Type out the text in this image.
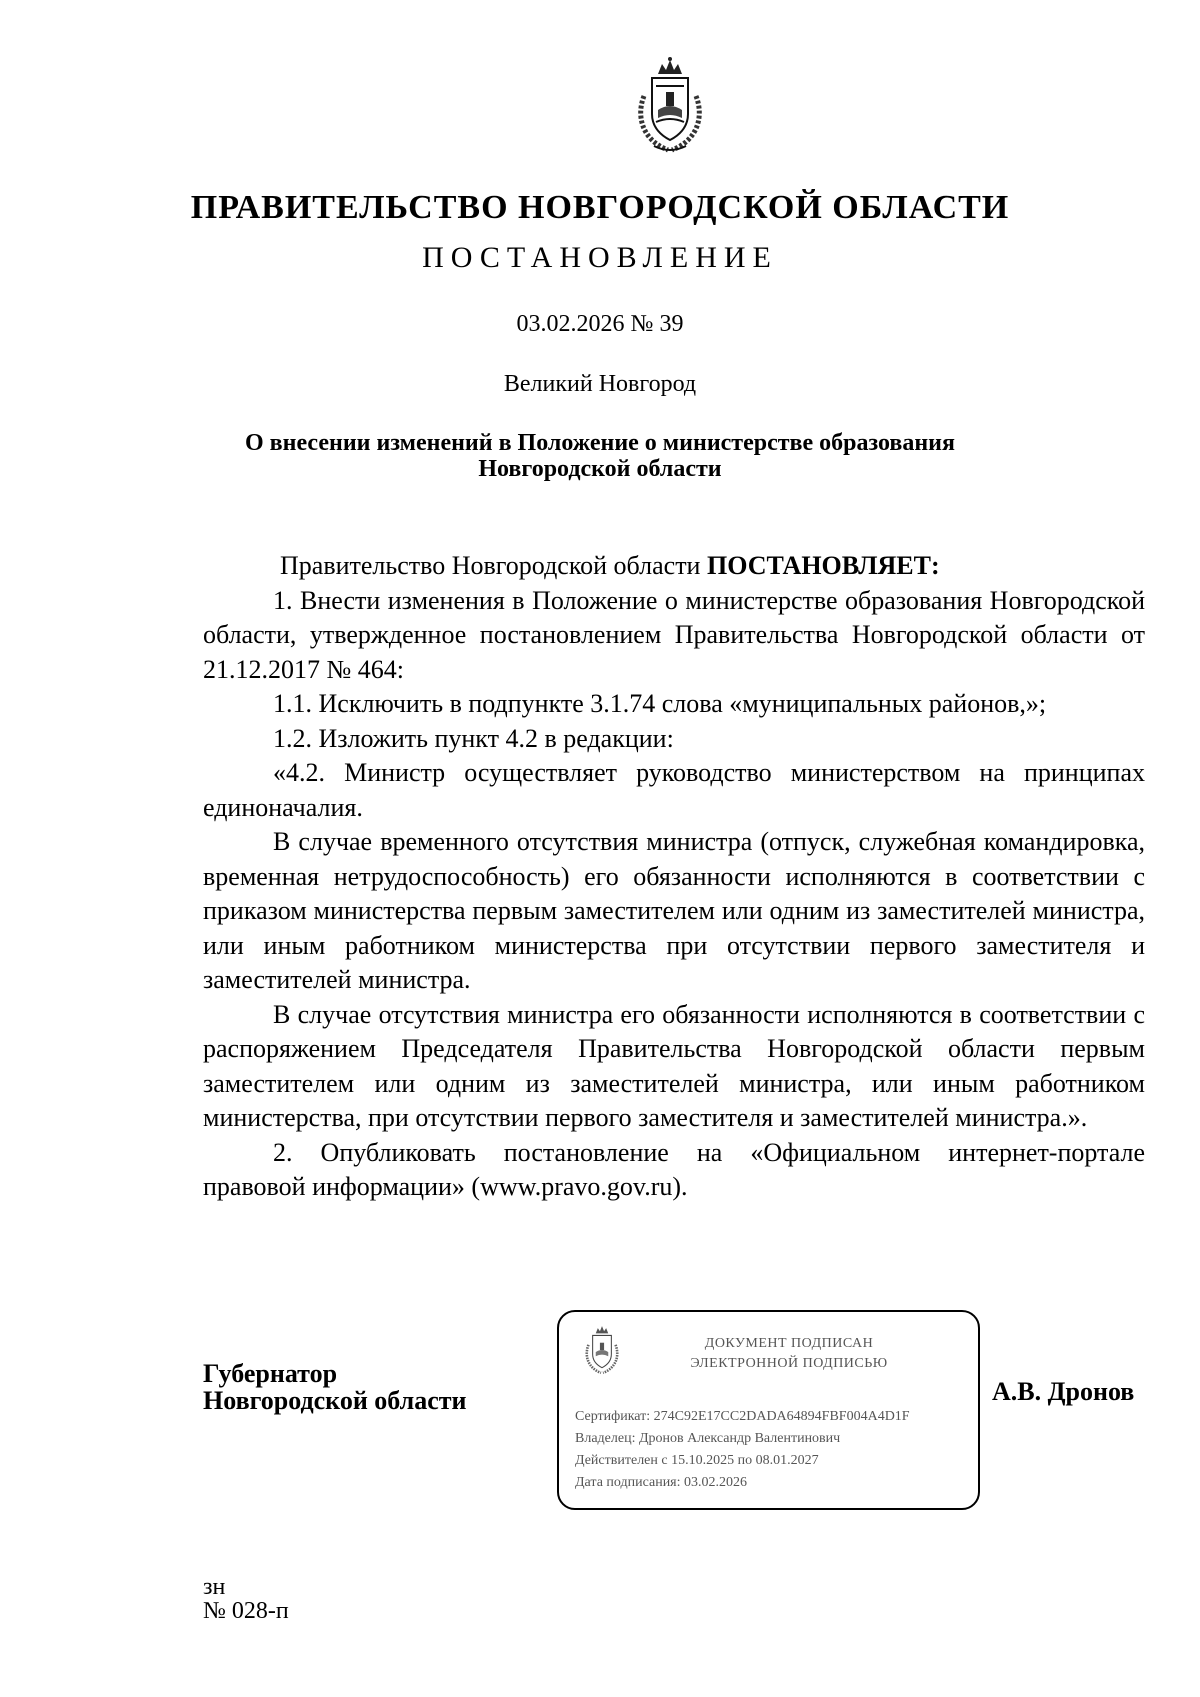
ПРАВИТЕЛЬСТВО НОВГОРОДСКОЙ ОБЛАСТИ
ПОСТАНОВЛЕНИЕ
03.02.2026 № 39
Великий Новгород
О внесении изменений в Положение о министерстве образования
Новгородской области

Правительство Новгородской области ПОСТАНОВЛЯЕТ:

1. Внести изменения в Положение о министерстве образования Новгородской области, утвержденное постановлением Правительства Новгородской области от 21.12.2017 № 464:

1.1. Исключить в подпункте 3.1.74 слова «муниципальных районов,»;

1.2. Изложить пункт 4.2 в редакции:

«4.2. Министр осуществляет руководство министерством на принципах единоначалия.

В случае временного отсутствия министра (отпуск, служебная командировка, временная нетрудоспособность) его обязанности исполняются в соответствии с приказом министерства первым заместителем или одним из заместителей министра, или иным работником министерства при отсутствии первого заместителя и заместителей министра.

В случае отсутствия министра его обязанности исполняются в соответствии с распоряжением Председателя Правительства Новгородской области первым заместителем или одним из заместителей министра, или иным работником министерства, при отсутствии первого заместителя и заместителей министра.».

2. Опубликовать постановление на «Официальном интернет-портале правовой информации» (www.pravo.gov.ru).

Губернатор
Новгородской области
ДОКУМЕНТ ПОДПИСАН
ЭЛЕКТРОННОЙ ПОДПИСЬЮ
Сертификат: 274C92E17CC2DADA64894FBF004A4D1F
Владелец: Дронов Александр Валентинович
Действителен с 15.10.2025 по 08.01.2027
Дата подписания: 03.02.2026
А.В. Дронов
зн
№ 028-п
